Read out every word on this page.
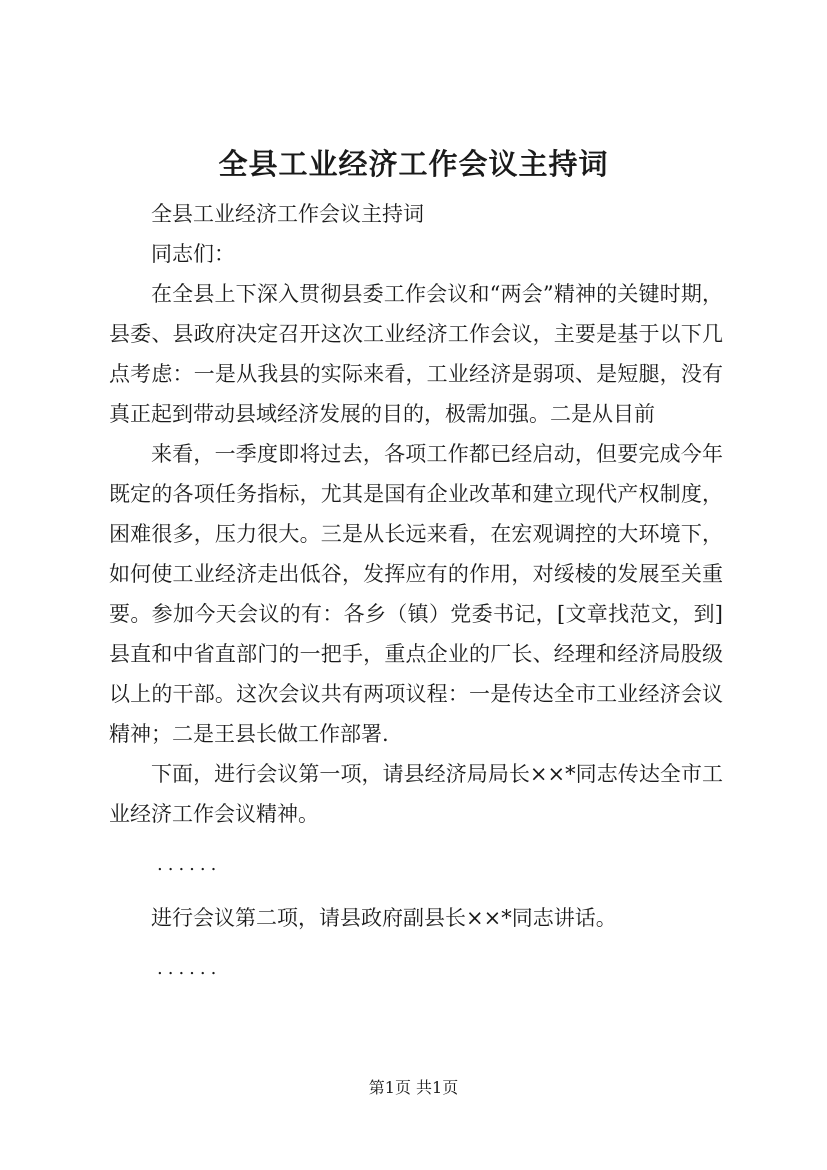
全县工业经济工作会议主持词

全县工业经济工作会议主持词

同志们：

在全县上下深入贯彻县委工作会议和“两会”精神的关键时期，县委、县政府决定召开这次工业经济工作会议，主要是基于以下几点考虑：一是从我县的实际来看，工业经济是弱项、是短腿，没有真正起到带动县域经济发展的目的，极需加强。二是从目前

来看，一季度即将过去，各项工作都已经启动，但要完成今年既定的各项任务指标，尤其是国有企业改革和建立现代产权制度，困难很多，压力很大。三是从长远来看，在宏观调控的大环境下，如何使工业经济走出低谷，发挥应有的作用，对绥棱的发展至关重要。参加今天会议的有：各乡（镇）党委书记，[文章找范文，到]县直和中省直部门的一把手，重点企业的厂长、经理和经济局股级以上的干部。这次会议共有两项议程：一是传达全市工业经济会议精神；二是王县长做工作部署.

下面，进行会议第一项，请县经济局局长××*同志传达全市工业经济工作会议精神。

......

进行会议第二项，请县政府副县长××*同志讲话。

......

第1页 共1页
